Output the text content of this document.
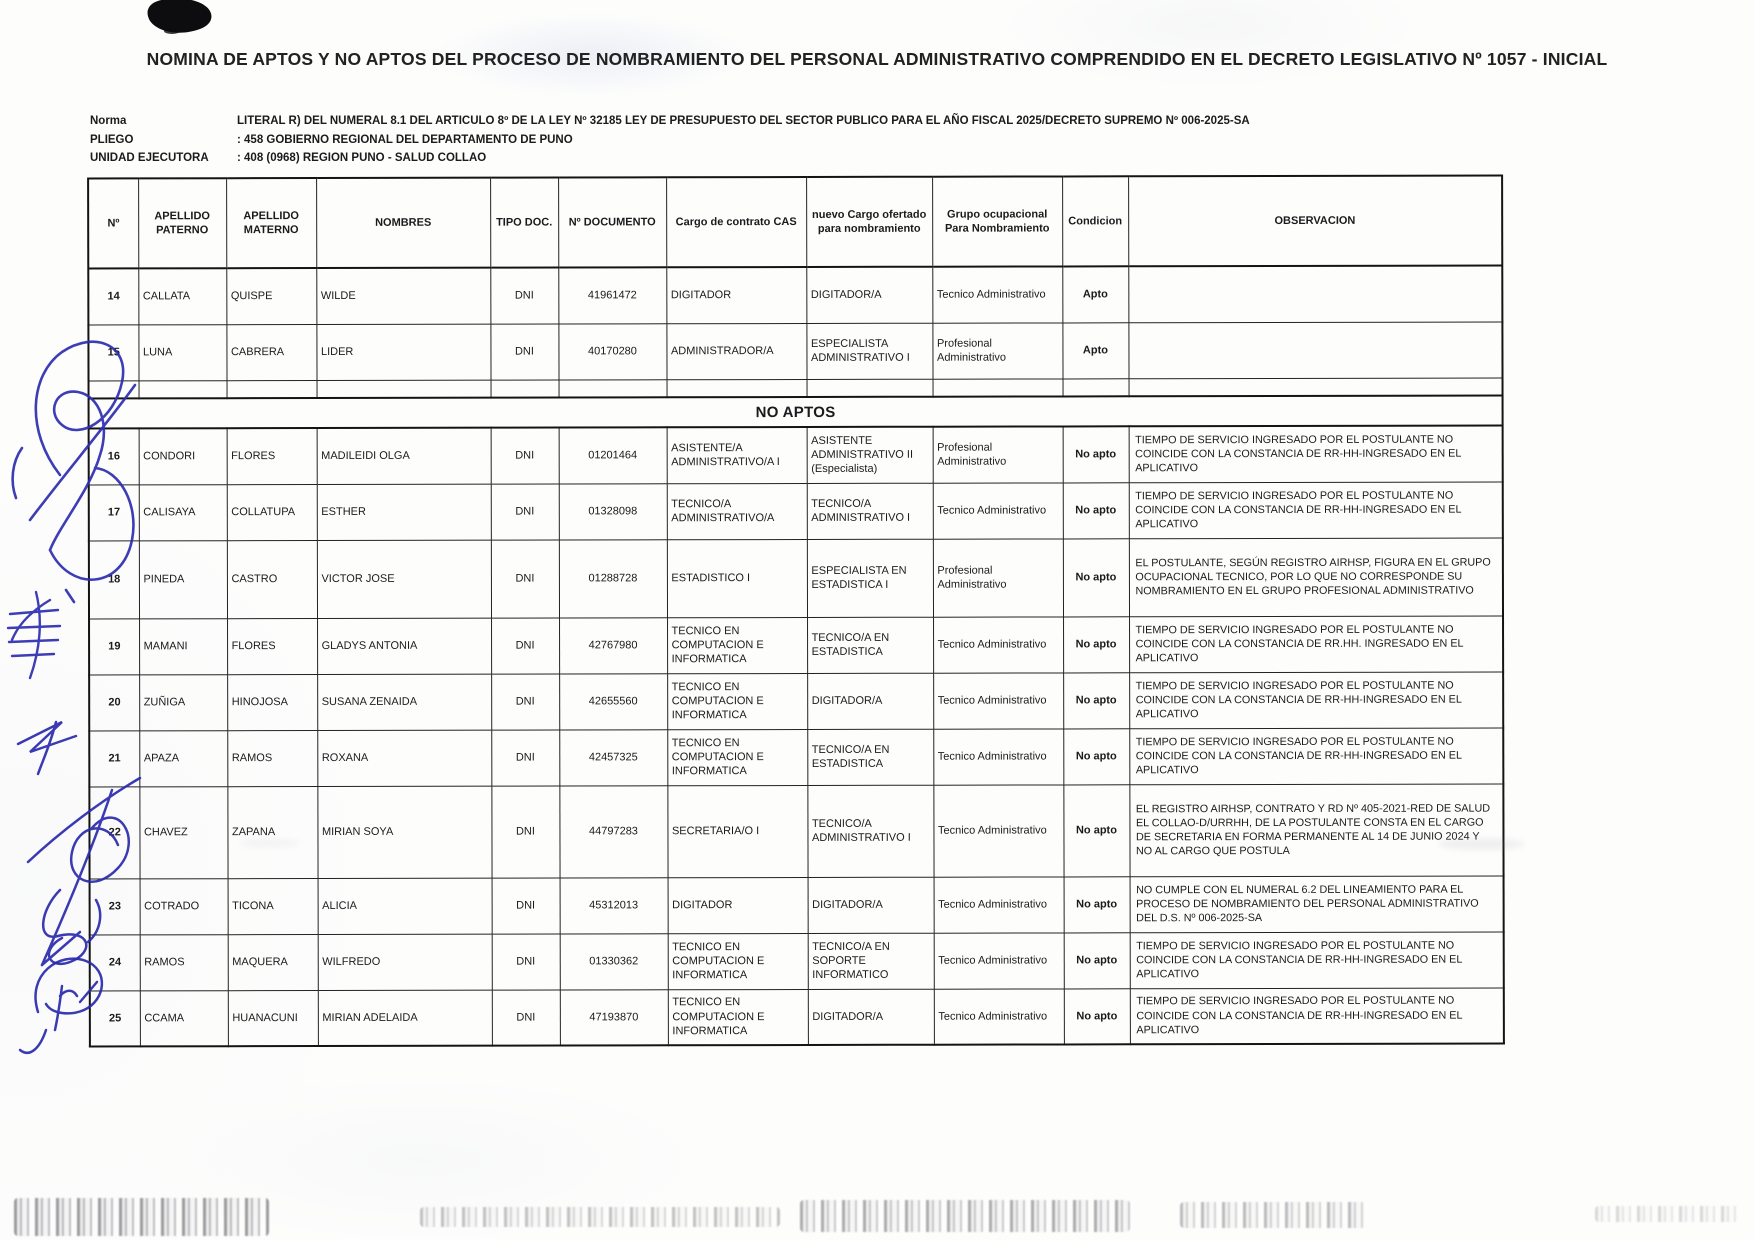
NOMINA DE APTOS Y NO APTOS DEL PROCESO DE NOMBRAMIENTO DEL PERSONAL ADMINISTRATIVO COMPRENDIDO EN EL DECRETO LEGISLATIVO Nº 1057 - INICIAL
Norma	LITERAL R) DEL NUMERAL 8.1 DEL ARTICULO 8º DE LA LEY Nº 32185 LEY DE PRESUPUESTO DEL SECTOR PUBLICO PARA EL AÑO FISCAL 2025/DECRETO SUPREMO Nº 006-2025-SA
PLIEGO	: 458 GOBIERNO REGIONAL DEL DEPARTAMENTO DE PUNO
UNIDAD EJECUTORA	: 408 (0968) REGION PUNO - SALUD COLLAO
Nº	APELLIDO PATERNO	APELLIDO MATERNO	NOMBRES	TIPO DOC.	Nº DOCUMENTO	Cargo de contrato CAS	nuevo Cargo ofertado para nombramiento	Grupo ocupacional Para Nombramiento	Condicion	OBSERVACION
14	CALLATA	QUISPE	WILDE	DNI	41961472	DIGITADOR	DIGITADOR/A	Tecnico Administrativo	Apto	
15	LUNA	CABRERA	LIDER	DNI	40170280	ADMINISTRADOR/A	ESPECIALISTA ADMINISTRATIVO I	Profesional Administrativo	Apto	

NO APTOS										
16	CONDORI	FLORES	MADILEIDI OLGA	DNI	01201464	ASISTENTE/A ADMINISTRATIVO/A I	ASISTENTE ADMINISTRATIVO II (Especialista)	Profesional Administrativo	No apto	TIEMPO DE SERVICIO INGRESADO POR EL POSTULANTE NO COINCIDE CON LA CONSTANCIA DE RR-HH-INGRESADO EN EL APLICATIVO
17	CALISAYA	COLLATUPA	ESTHER	DNI	01328098	TECNICO/A ADMINISTRATIVO/A	TECNICO/A ADMINISTRATIVO I	Tecnico Administrativo	No apto	TIEMPO DE SERVICIO INGRESADO POR EL POSTULANTE NO COINCIDE CON LA CONSTANCIA DE RR-HH-INGRESADO EN EL APLICATIVO
18	PINEDA	CASTRO	VICTOR JOSE	DNI	01288728	ESTADISTICO I	ESPECIALISTA EN ESTADISTICA I	Profesional Administrativo	No apto	EL POSTULANTE, SEGÚN REGISTRO AIRHSP, FIGURA EN EL GRUPO OCUPACIONAL TECNICO, POR LO QUE NO CORRESPONDE SU NOMBRAMIENTO EN EL GRUPO PROFESIONAL ADMINISTRATIVO
19	MAMANI	FLORES	GLADYS ANTONIA	DNI	42767980	TECNICO EN COMPUTACION E INFORMATICA	TECNICO/A EN ESTADISTICA	Tecnico Administrativo	No apto	TIEMPO DE SERVICIO INGRESADO POR EL POSTULANTE NO COINCIDE CON LA CONSTANCIA DE RR.HH. INGRESADO EN EL APLICATIVO
20	ZUÑIGA	HINOJOSA	SUSANA ZENAIDA	DNI	42655560	TECNICO EN COMPUTACION E INFORMATICA	DIGITADOR/A	Tecnico Administrativo	No apto	TIEMPO DE SERVICIO INGRESADO POR EL POSTULANTE NO COINCIDE CON LA CONSTANCIA DE RR-HH-INGRESADO EN EL APLICATIVO
21	APAZA	RAMOS	ROXANA	DNI	42457325	TECNICO EN COMPUTACION E INFORMATICA	TECNICO/A EN ESTADISTICA	Tecnico Administrativo	No apto	TIEMPO DE SERVICIO INGRESADO POR EL POSTULANTE NO COINCIDE CON LA CONSTANCIA DE RR-HH-INGRESADO EN EL APLICATIVO
22	CHAVEZ	ZAPANA	MIRIAN SOYA	DNI	44797283	SECRETARIA/O I	TECNICO/A ADMINISTRATIVO I	Tecnico Administrativo	No apto	EL REGISTRO AIRHSP, CONTRATO Y RD Nº 405-2021-RED DE SALUD EL COLLAO-D/URRHH, DE LA POSTULANTE CONSTA EN EL CARGO DE SECRETARIA EN FORMA PERMANENTE AL 14 DE JUNIO 2024 Y NO AL CARGO QUE POSTULA
23	COTRADO	TICONA	ALICIA	DNI	45312013	DIGITADOR	DIGITADOR/A	Tecnico Administrativo	No apto	NO CUMPLE CON EL NUMERAL 6.2 DEL LINEAMIENTO PARA EL PROCESO DE NOMBRAMIENTO DEL PERSONAL ADMINISTRATIVO DEL D.S. Nº 006-2025-SA
24	RAMOS	MAQUERA	WILFREDO	DNI	01330362	TECNICO EN COMPUTACION E INFORMATICA	TECNICO/A EN SOPORTE INFORMATICO	Tecnico Administrativo	No apto	TIEMPO DE SERVICIO INGRESADO POR EL POSTULANTE NO COINCIDE CON LA CONSTANCIA DE RR-HH-INGRESADO EN EL APLICATIVO
25	CCAMA	HUANACUNI	MIRIAN ADELAIDA	DNI	47193870	TECNICO EN COMPUTACION E INFORMATICA	DIGITADOR/A	Tecnico Administrativo	No apto	TIEMPO DE SERVICIO INGRESADO POR EL POSTULANTE NO COINCIDE CON LA CONSTANCIA DE RR-HH-INGRESADO EN EL APLICATIVO
